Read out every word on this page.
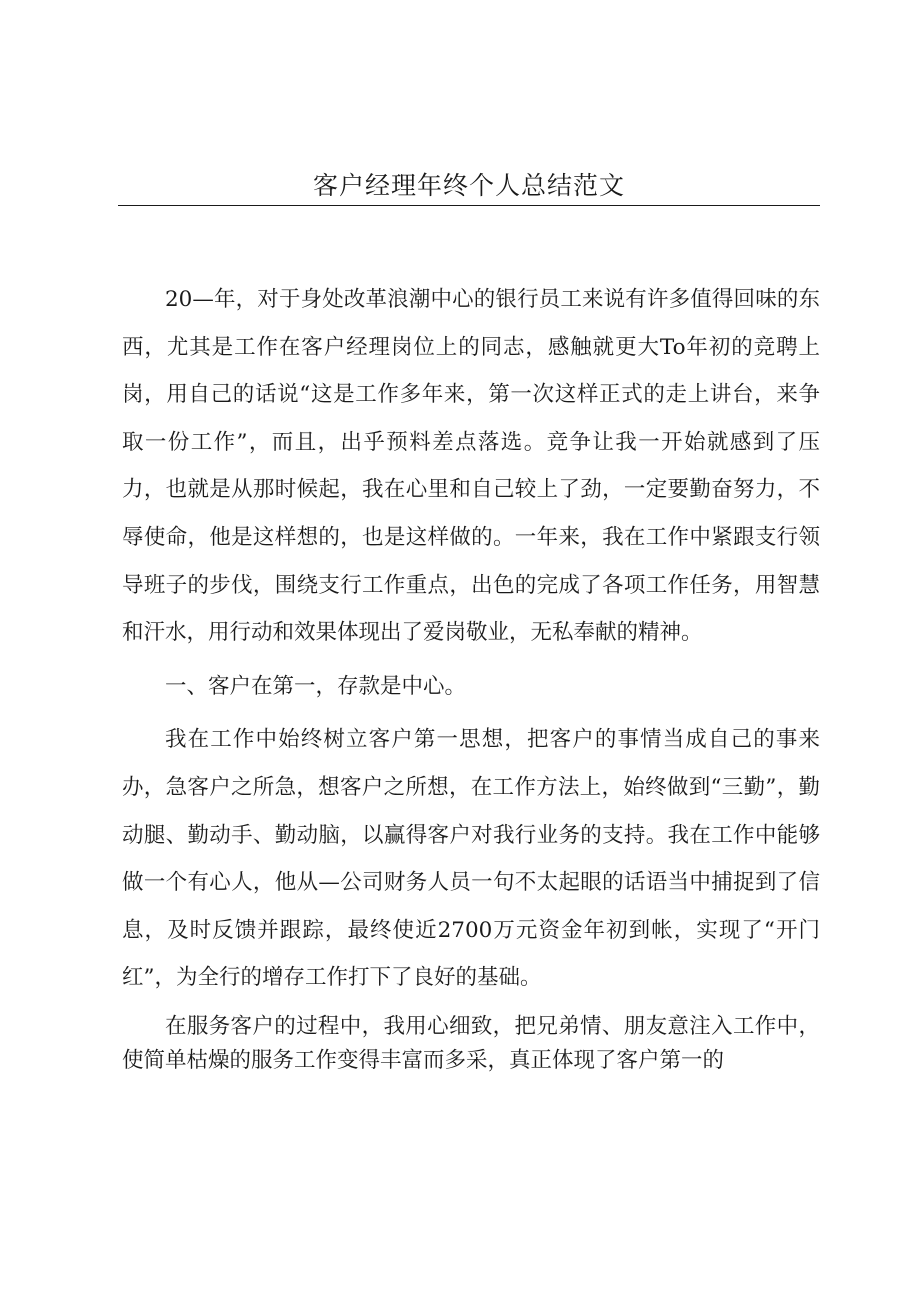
客户经理年终个人总结范文

20—年，对于身处改革浪潮中心的银行员工来说有许多值得回味的东西，尤其是工作在客户经理岗位上的同志，感触就更大To年初的竞聘上岗，用自己的话说“这是工作多年来，第一次这样正式的走上讲台，来争取一份工作”，而且，出乎预料差点落选。竞争让我一开始就感到了压力，也就是从那时候起，我在心里和自己较上了劲，一定要勤奋努力，不辱使命，他是这样想的，也是这样做的。一年来，我在工作中紧跟支行领导班子的步伐，围绕支行工作重点，出色的完成了各项工作任务，用智慧和汗水，用行动和效果体现出了爱岗敬业，无私奉献的精神。

一、客户在第一，存款是中心。

我在工作中始终树立客户第一思想，把客户的事情当成自己的事来办，急客户之所急，想客户之所想，在工作方法上，始终做到“三勤”，勤动腿、勤动手、勤动脑，以赢得客户对我行业务的支持。我在工作中能够做一个有心人，他从—公司财务人员一句不太起眼的话语当中捕捉到了信息，及时反馈并跟踪，最终使近2700万元资金年初到帐，实现了“开门红”，为全行的增存工作打下了良好的基础。

在服务客户的过程中，我用心细致，把兄弟情、朋友意注入工作中，使简单枯燥的服务工作变得丰富而多采，真正体现了客户第一的
